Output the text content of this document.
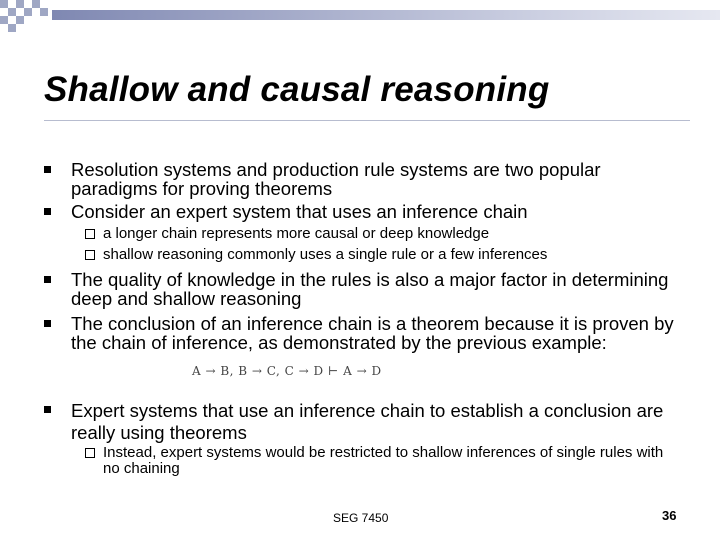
Shallow and causal reasoning
Resolution systems and production rule systems are two popular paradigms for proving theorems
Consider an expert system that uses an inference chain
a longer chain represents more causal or deep knowledge
shallow reasoning commonly uses a single rule or a few inferences
The quality of knowledge in the rules is also a major factor in determining deep and shallow reasoning
The conclusion of an inference chain is a theorem because it is proven by the chain of inference, as demonstrated by the previous example:
A → B, B → C, C → D ⊢ A → D
Expert systems that use an inference chain to establish a conclusion are really using theorems
Instead, expert systems would be restricted to shallow inferences of single rules with no chaining
SEG 7450	36
